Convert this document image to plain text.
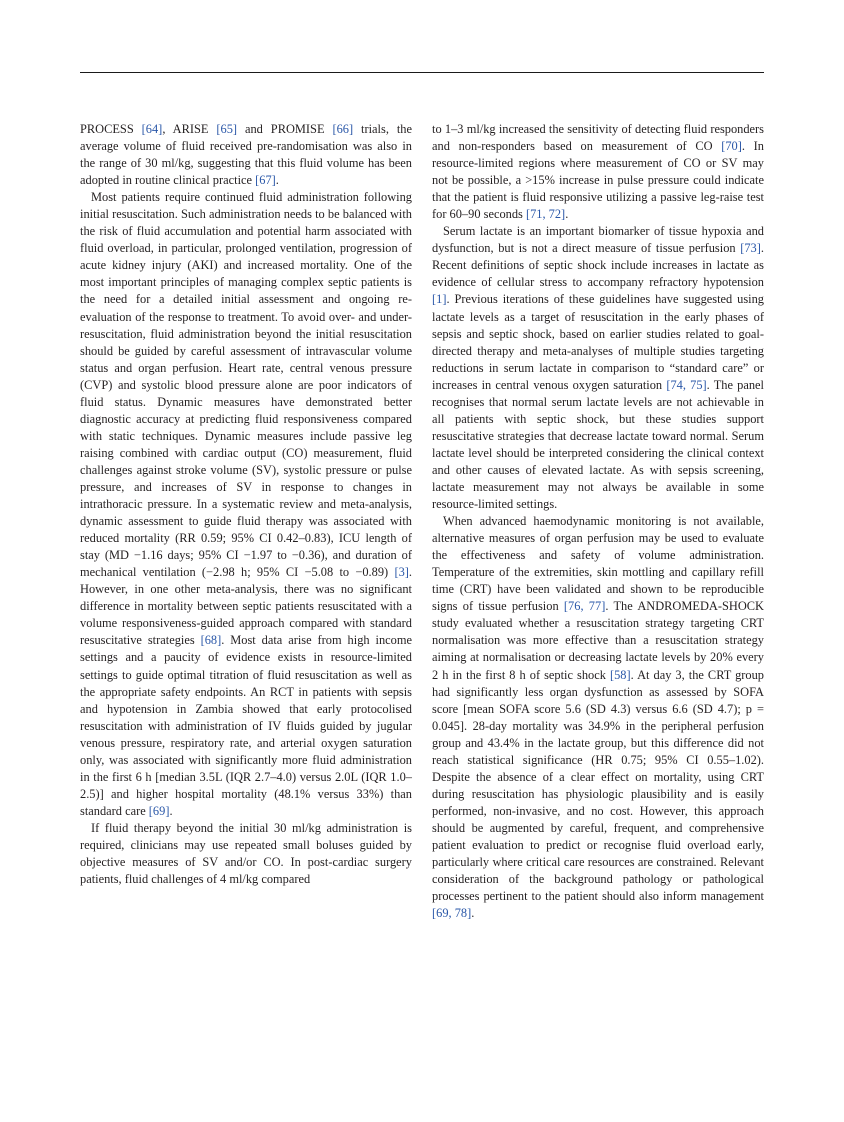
PROCESS [64], ARISE [65] and PROMISE [66] trials, the average volume of fluid received pre-randomisation was also in the range of 30 ml/kg, suggesting that this fluid volume has been adopted in routine clinical practice [67].

Most patients require continued fluid administration following initial resuscitation. Such administration needs to be balanced with the risk of fluid accumulation and potential harm associated with fluid overload, in particular, prolonged ventilation, progression of acute kidney injury (AKI) and increased mortality. One of the most important principles of managing complex septic patients is the need for a detailed initial assessment and ongoing re-evaluation of the response to treatment. To avoid over- and under-resuscitation, fluid administration beyond the initial resuscitation should be guided by careful assessment of intravascular volume status and organ perfusion. Heart rate, central venous pressure (CVP) and systolic blood pressure alone are poor indicators of fluid status. Dynamic measures have demonstrated better diagnostic accuracy at predicting fluid responsiveness compared with static techniques. Dynamic measures include passive leg raising combined with cardiac output (CO) measurement, fluid challenges against stroke volume (SV), systolic pressure or pulse pressure, and increases of SV in response to changes in intrathoracic pressure. In a systematic review and meta-analysis, dynamic assessment to guide fluid therapy was associated with reduced mortality (RR 0.59; 95% CI 0.42–0.83), ICU length of stay (MD −1.16 days; 95% CI −1.97 to −0.36), and duration of mechanical ventilation (−2.98 h; 95% CI −5.08 to −0.89) [3]. However, in one other meta-analysis, there was no significant difference in mortality between septic patients resuscitated with a volume responsiveness-guided approach compared with standard resuscitative strategies [68]. Most data arise from high income settings and a paucity of evidence exists in resource-limited settings to guide optimal titration of fluid resuscitation as well as the appropriate safety endpoints. An RCT in patients with sepsis and hypotension in Zambia showed that early protocolised resuscitation with administration of IV fluids guided by jugular venous pressure, respiratory rate, and arterial oxygen saturation only, was associated with significantly more fluid administration in the first 6 h [median 3.5L (IQR 2.7–4.0) versus 2.0L (IQR 1.0–2.5)] and higher hospital mortality (48.1% versus 33%) than standard care [69].

If fluid therapy beyond the initial 30 ml/kg administration is required, clinicians may use repeated small boluses guided by objective measures of SV and/or CO. In post-cardiac surgery patients, fluid challenges of 4 ml/kg compared

to 1–3 ml/kg increased the sensitivity of detecting fluid responders and non-responders based on measurement of CO [70]. In resource-limited regions where measurement of CO or SV may not be possible, a >15% increase in pulse pressure could indicate that the patient is fluid responsive utilizing a passive leg-raise test for 60–90 seconds [71, 72].

Serum lactate is an important biomarker of tissue hypoxia and dysfunction, but is not a direct measure of tissue perfusion [73]. Recent definitions of septic shock include increases in lactate as evidence of cellular stress to accompany refractory hypotension [1]. Previous iterations of these guidelines have suggested using lactate levels as a target of resuscitation in the early phases of sepsis and septic shock, based on earlier studies related to goal-directed therapy and meta-analyses of multiple studies targeting reductions in serum lactate in comparison to “standard care” or increases in central venous oxygen saturation [74, 75]. The panel recognises that normal serum lactate levels are not achievable in all patients with septic shock, but these studies support resuscitative strategies that decrease lactate toward normal. Serum lactate level should be interpreted considering the clinical context and other causes of elevated lactate. As with sepsis screening, lactate measurement may not always be available in some resource-limited settings.

When advanced haemodynamic monitoring is not available, alternative measures of organ perfusion may be used to evaluate the effectiveness and safety of volume administration. Temperature of the extremities, skin mottling and capillary refill time (CRT) have been validated and shown to be reproducible signs of tissue perfusion [76, 77]. The ANDROMEDA-SHOCK study evaluated whether a resuscitation strategy targeting CRT normalisation was more effective than a resuscitation strategy aiming at normalisation or decreasing lactate levels by 20% every 2 h in the first 8 h of septic shock [58]. At day 3, the CRT group had significantly less organ dysfunction as assessed by SOFA score [mean SOFA score 5.6 (SD 4.3) versus 6.6 (SD 4.7); p = 0.045]. 28-day mortality was 34.9% in the peripheral perfusion group and 43.4% in the lactate group, but this difference did not reach statistical significance (HR 0.75; 95% CI 0.55–1.02). Despite the absence of a clear effect on mortality, using CRT during resuscitation has physiologic plausibility and is easily performed, non-invasive, and no cost. However, this approach should be augmented by careful, frequent, and comprehensive patient evaluation to predict or recognise fluid overload early, particularly where critical care resources are constrained. Relevant consideration of the background pathology or pathological processes pertinent to the patient should also inform management [69, 78].
